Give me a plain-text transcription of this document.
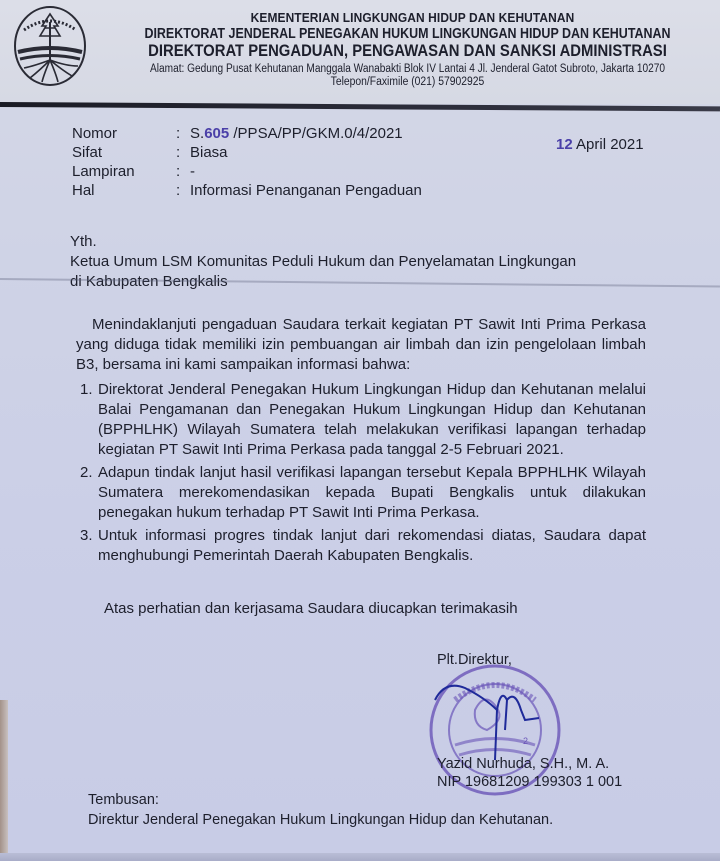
KEMENTERIAN LINGKUNGAN HIDUP DAN KEHUTANAN
DIREKTORAT JENDERAL PENEGAKAN HUKUM LINGKUNGAN HIDUP DAN KEHUTANAN
DIREKTORAT PENGADUAN, PENGAWASAN DAN SANKSI ADMINISTRASI
Alamat: Gedung Pusat Kehutanan Manggala Wanabakti Blok IV Lantai 4 Jl. Jenderal Gatot Subroto, Jakarta 10270
Telepon/Faximile (021) 57902925
Nomor	: S.605 /PPSA/PP/GKM.0/4/2021
Sifat	: Biasa
Lampiran	: -
Hal	: Informasi Penanganan Pengaduan
12 April 2021
Yth.
Ketua Umum LSM Komunitas Peduli Hukum dan Penyelamatan Lingkungan
di Kabupaten Bengkalis

Menindaklanjuti pengaduan Saudara terkait kegiatan PT Sawit Inti Prima Perkasa yang diduga tidak memiliki izin pembuangan air limbah dan izin pengelolaan limbah B3, bersama ini kami sampaikan informasi bahwa:

1. Direktorat Jenderal Penegakan Hukum Lingkungan Hidup dan Kehutanan melalui Balai Pengamanan dan Penegakan Hukum Lingkungan Hidup dan Kehutanan (BPPHLHK) Wilayah Sumatera telah melakukan verifikasi lapangan terhadap kegiatan PT Sawit Inti Prima Perkasa pada tanggal 2-5 Februari 2021.
2. Adapun tindak lanjut hasil verifikasi lapangan tersebut Kepala BPPHLHK Wilayah Sumatera merekomendasikan kepada Bupati Bengkalis untuk dilakukan penegakan hukum terhadap PT Sawit Inti Prima Perkasa.
3. Untuk informasi progres tindak lanjut dari rekomendasi diatas, Saudara dapat menghubungi Pemerintah Daerah Kabupaten Bengkalis.
Atas perhatian dan kerjasama Saudara diucapkan terimakasih
2
Plt.Direktur,
Yazid Nurhuda, S.H., M. A.
NIP 19681209 199303 1 001
Tembusan:
Direktur Jenderal Penegakan Hukum Lingkungan Hidup dan Kehutanan.
